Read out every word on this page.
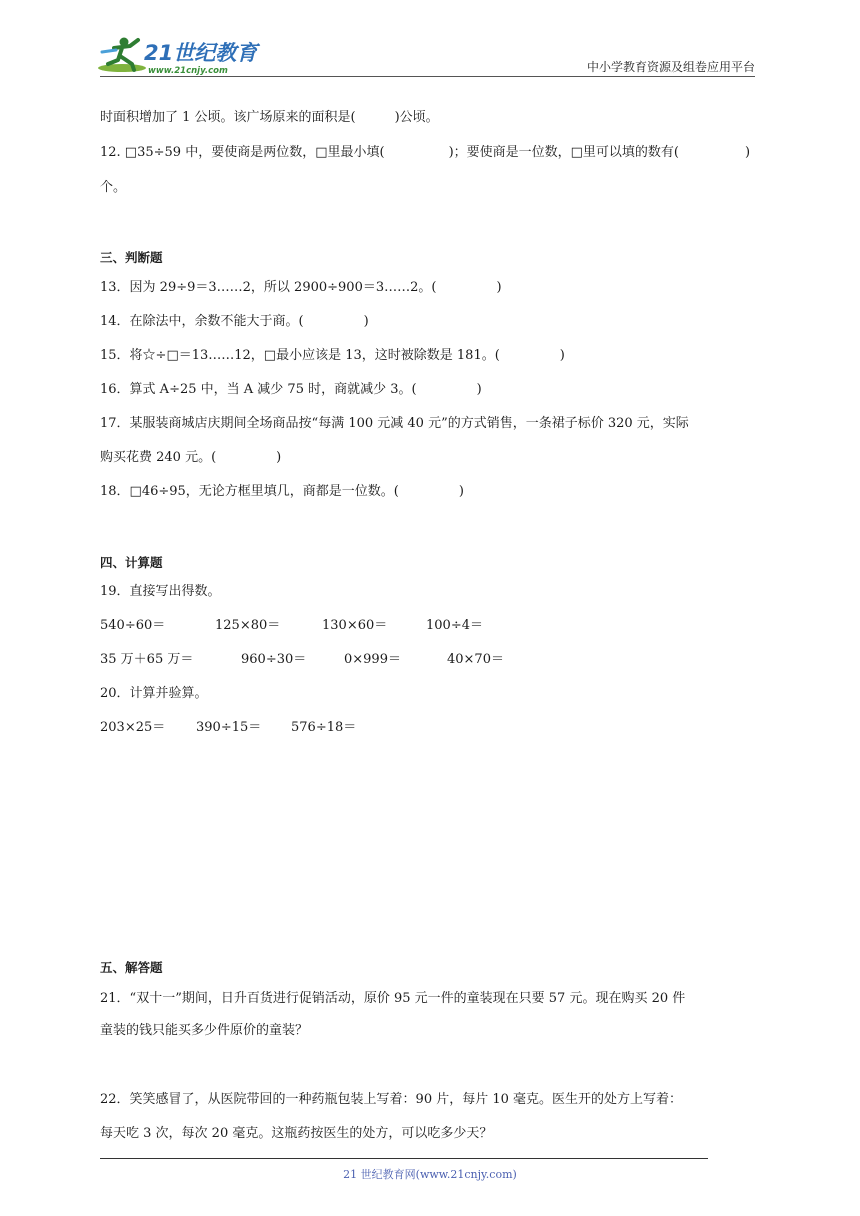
21世纪教育
www.21cnjy.com	中小学教育资源及组卷应用平台
时面积增加了 1 公顷。该广场原来的面积是(　　　)公顷。
12. □35÷59 中，要使商是两位数，□里最小填(	)；要使商是一位数，□里可以填的数有(	)
个。
三、判断题
13．因为 29÷9＝3……2，所以 2900÷900＝3……2。(	)
14．在除法中，余数不能大于商。(	)
15．将☆÷□＝13……12，□最小应该是 13，这时被除数是 181。(	)
16．算式 A÷25 中，当 A 减少 75 时，商就减少 3。(	)
17．某服装商城店庆期间全场商品按“每满 100 元减 40 元”的方式销售，一条裙子标价 320 元，实际
购买花费 240 元。(	)
18．□46÷95，无论方框里填几，商都是一位数。(	)
四、计算题
19．直接写出得数。
540÷60＝	125×80＝	130×60＝	100÷4＝
35 万＋65 万＝	960÷30＝	0×999＝	40×70＝
20．计算并验算。
203×25＝ 390÷15＝ 576÷18＝
五、解答题
21．“双十一”期间，日升百货进行促销活动，原价 95 元一件的童装现在只要 57 元。现在购买 20 件
童装的钱只能买多少件原价的童装？
22．笑笑感冒了，从医院带回的一种药瓶包装上写着：90 片，每片 10 毫克。医生开的处方上写着：
每天吃 3 次，每次 20 毫克。这瓶药按医生的处方，可以吃多少天？
21 世纪教育网(www.21cnjy.com)
